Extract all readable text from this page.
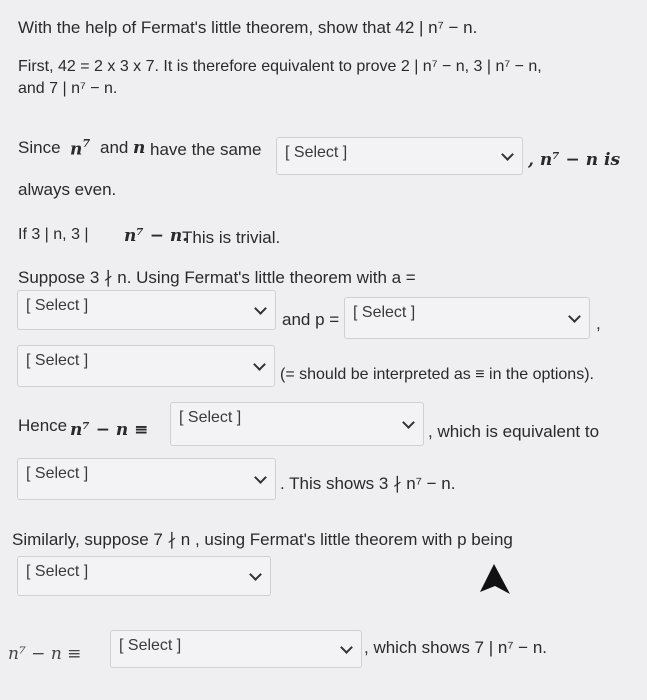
With the help of Fermat's little theorem, show that 42 | n⁷ − n.
First, 42 = 2 x 3 x 7. It is therefore equivalent to prove 2 | n⁷ − n, 3 | n⁷ − n,
and 7 | n⁷ − n.
Since $n^7$ and n have the same [ Select ]	, n⁷ − n is
always even.
If 3 | n, 3 | n⁷ − n.
This is trivial.
Suppose 3 ∤ n. Using Fermat's little theorem with a =
[ Select ]
and p = [ Select ]
,
[ Select ]
(= should be interpreted as ≡ in the options).
Hence n⁷ − n ≡
[ Select ]
, which is equivalent to
[ Select ]
. This shows 3 ∤ n⁷ − n.
Similarly, suppose 7 ∤ n , using Fermat's little theorem with p being
[ Select ]
n⁷ − n ≡ [ Select ]	, which shows 7 | n⁷ − n.
